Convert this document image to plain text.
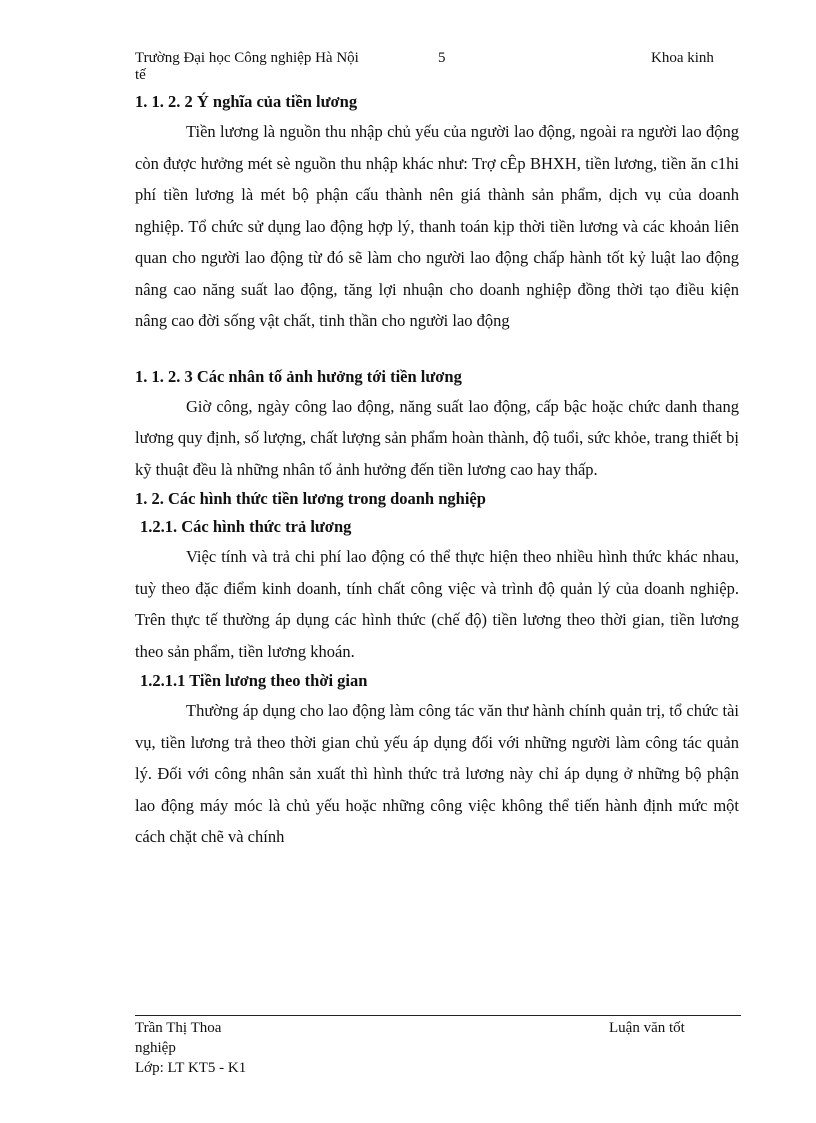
Trường Đại học Công nghiệp Hà Nội	5	Khoa kinh
tế

1. 1. 2. 2 Ý nghĩa của tiền lương

Tiền lương là nguồn thu nhập chủ yếu của người lao động, ngoài ra người lao động còn được hưởng mét sè nguồn thu nhập khác như: Trợ cÊp BHXH, tiền lương, tiền ăn c1hi phí tiền lương là mét bộ phận cấu thành nên giá thành sản phẩm, dịch vụ của doanh nghiệp. Tổ chức sử dụng lao động hợp lý, thanh toán kịp thời tiền lương và các khoản liên quan cho người lao động từ đó sẽ làm cho người lao động chấp hành tốt kỷ luật lao động nâng cao năng suất lao động, tăng lợi nhuận cho doanh nghiệp đồng thời tạo điều kiện nâng cao đời sống vật chất, tinh thần cho người lao động

1. 1. 2. 3 Các nhân tố ảnh hưởng tới tiền lương

Giờ công, ngày công lao động, năng suất lao động, cấp bậc hoặc chức danh thang lương quy định, số lượng, chất lượng sản phẩm hoàn thành, độ tuổi, sức khỏe, trang thiết bị kỹ thuật đều là những nhân tố ảnh hưởng đến tiền lương cao hay thấp.

1. 2. Các hình thức tiền lương trong doanh nghiệp

1.2.1. Các hình thức trả lương

Việc tính và trả chi phí lao động có thể thực hiện theo nhiều hình thức khác nhau, tuỳ theo đặc điểm kinh doanh, tính chất công việc và trình độ quản lý của doanh nghiệp. Trên thực tế thường áp dụng các hình thức (chế độ) tiền lương theo thời gian, tiền lương theo sản phẩm, tiền lương khoán.

1.2.1.1 Tiền lương theo thời gian

Thường áp dụng cho lao động làm công tác văn thư hành chính quản trị, tổ chức tài vụ, tiền lương trả theo thời gian chủ yếu áp dụng đối với những người làm công tác quản lý. Đối với công nhân sản xuất thì hình thức trả lương này chỉ áp dụng ở những bộ phận lao động máy móc là chủ yếu hoặc những công việc không thể tiến hành định mức một cách chặt chẽ và chính

Trần Thị Thoa	Luận văn tốt
nghiệp
Lớp: LT KT5 - K1
